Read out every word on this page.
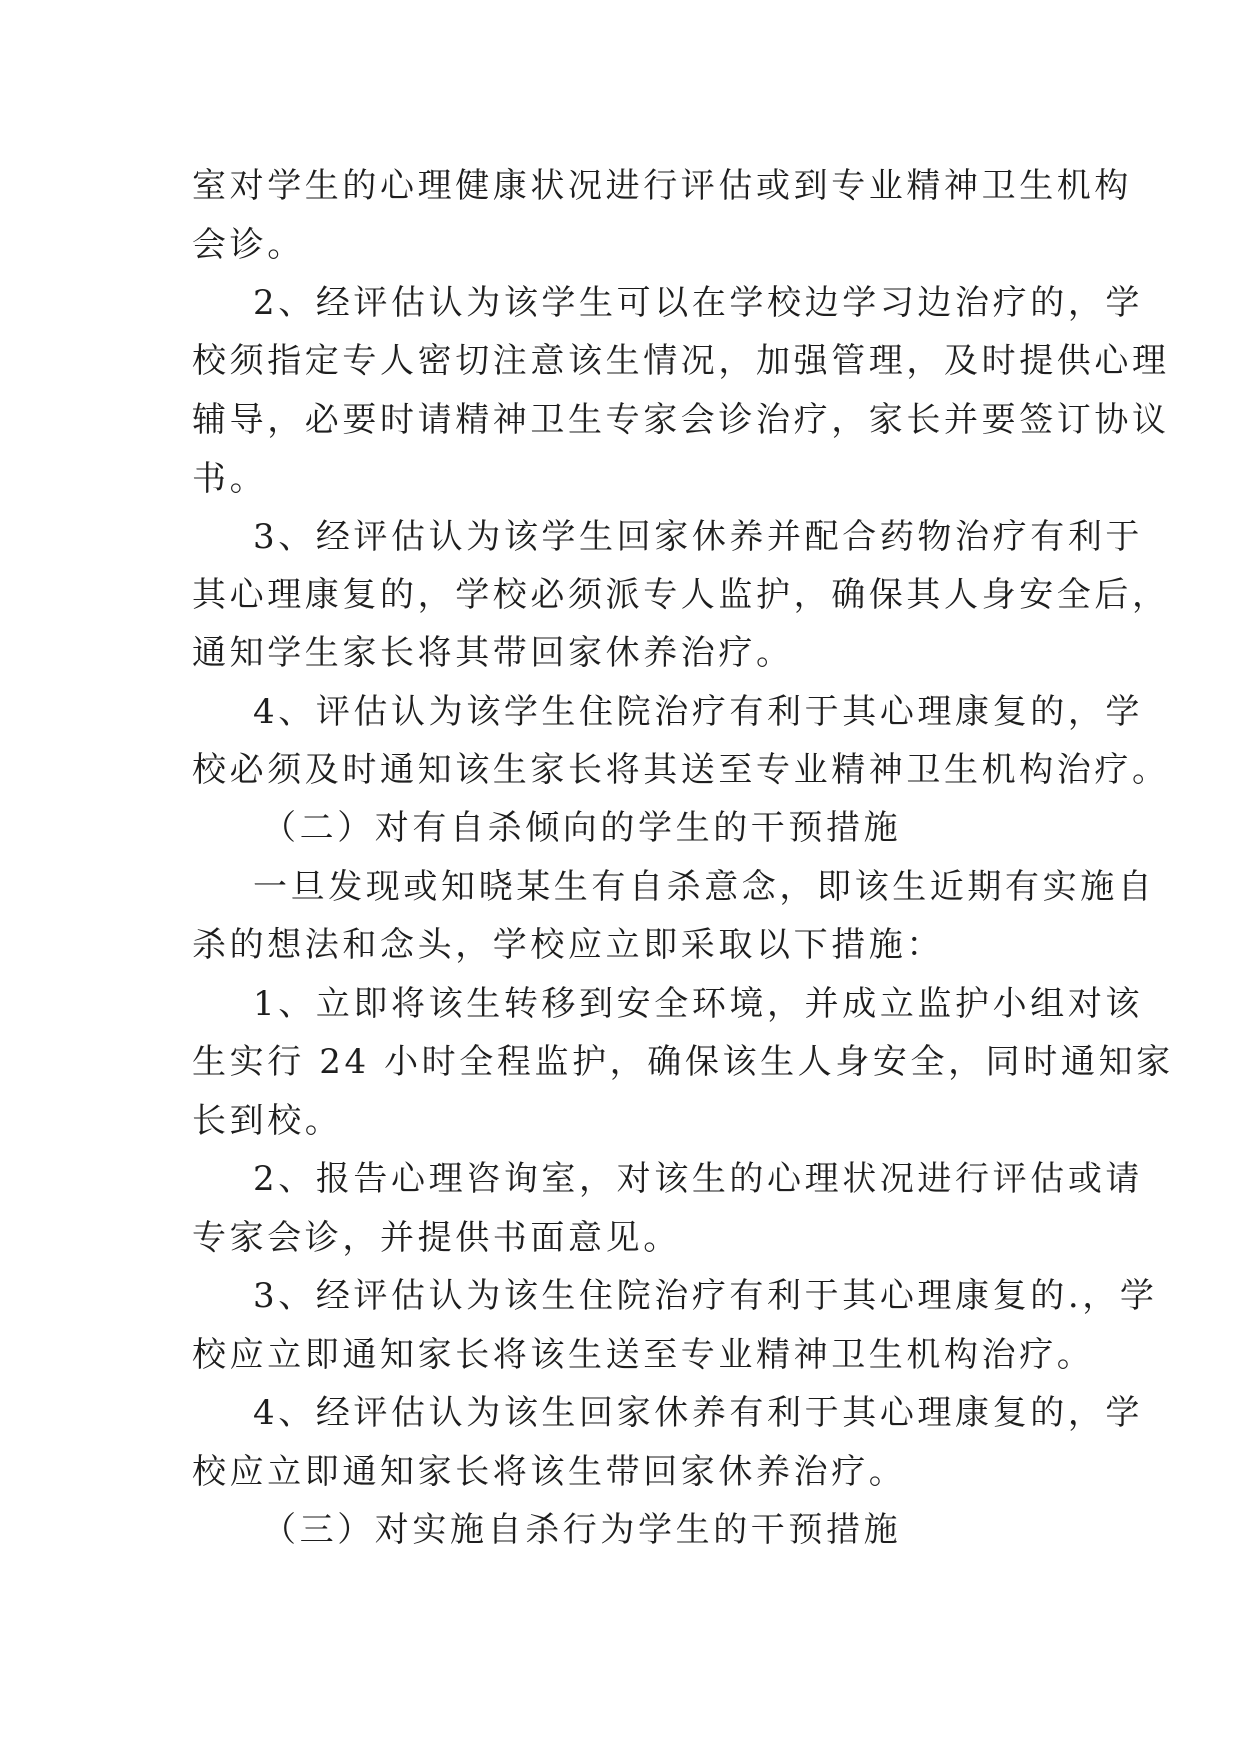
室对学生的心理健康状况进行评估或到专业精神卫生机构
会诊。
2、经评估认为该学生可以在学校边学习边治疗的，学
校须指定专人密切注意该生情况，加强管理，及时提供心理
辅导，必要时请精神卫生专家会诊治疗，家长并要签订协议
书。
3、经评估认为该学生回家休养并配合药物治疗有利于
其心理康复的，学校必须派专人监护，确保其人身安全后，
通知学生家长将其带回家休养治疗。
4、评估认为该学生住院治疗有利于其心理康复的，学
校必须及时通知该生家长将其送至专业精神卫生机构治疗。
（二）对有自杀倾向的学生的干预措施
一旦发现或知晓某生有自杀意念，即该生近期有实施自
杀的想法和念头，学校应立即采取以下措施：
1、立即将该生转移到安全环境，并成立监护小组对该
生实行 24 小时全程监护，确保该生人身安全，同时通知家
长到校。
2、报告心理咨询室，对该生的心理状况进行评估或请
专家会诊，并提供书面意见。
3、经评估认为该生住院治疗有利于其心理康复的.，学
校应立即通知家长将该生送至专业精神卫生机构治疗。
4、经评估认为该生回家休养有利于其心理康复的，学
校应立即通知家长将该生带回家休养治疗。
（三）对实施自杀行为学生的干预措施
